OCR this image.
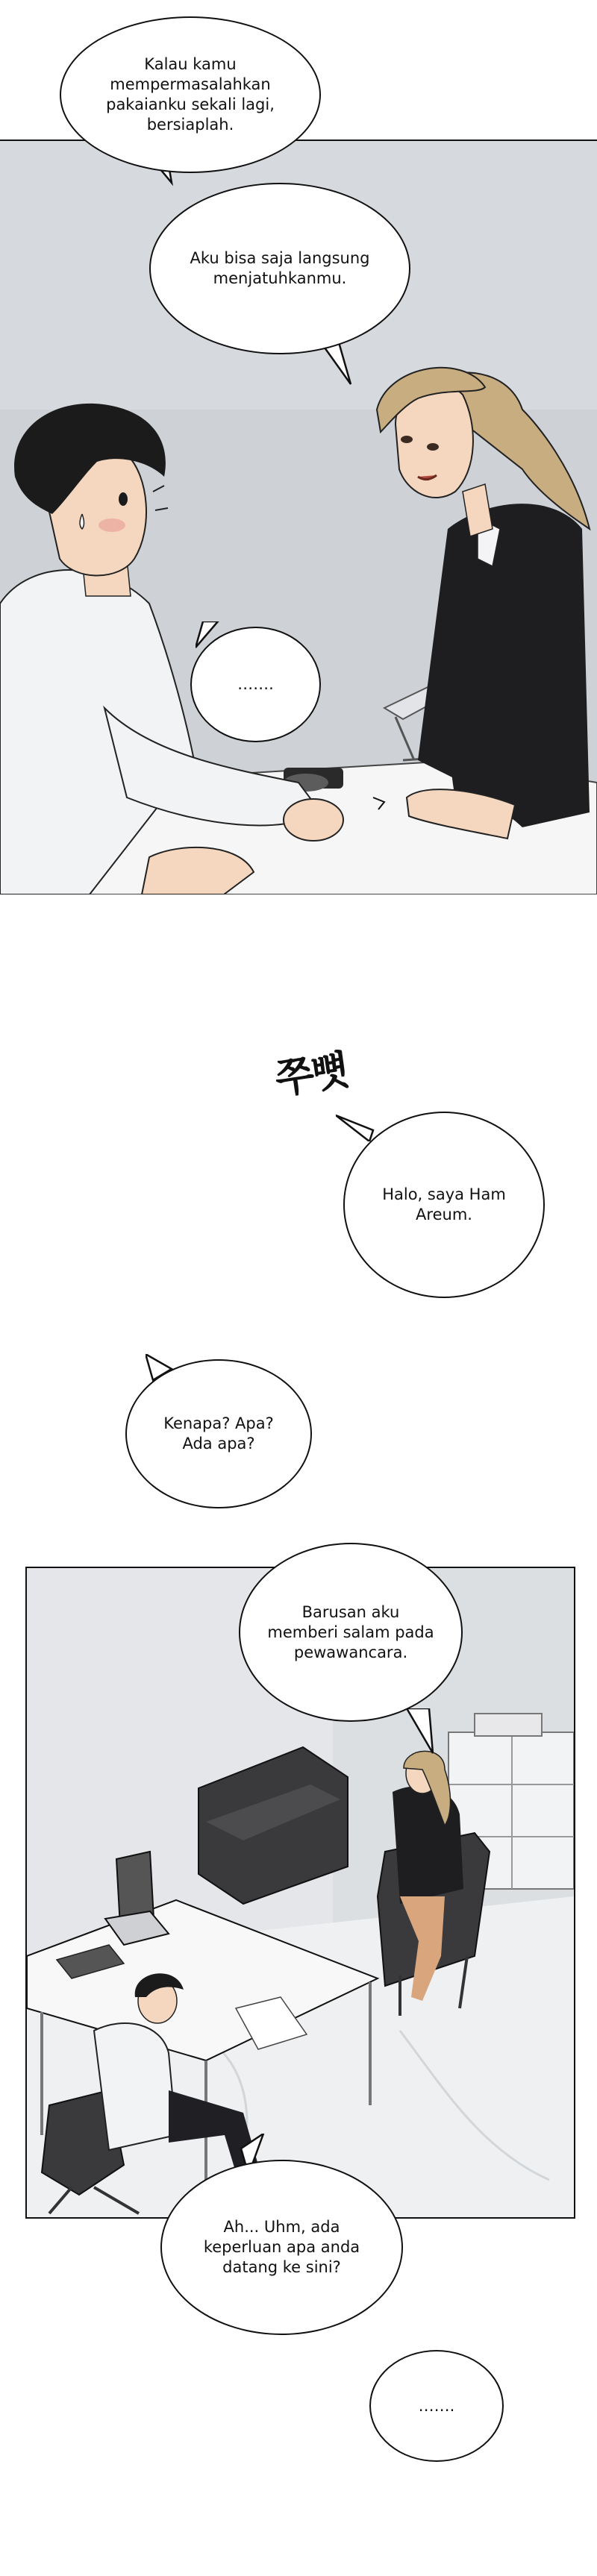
Kalau kamu
mempermasalahkan
pakaianku sekali lagi,
bersiaplah.
Aku bisa saja langsung
menjatuhkanmu.
…….
쭈뼛
Halo, saya Ham
Areum.
Kenapa? Apa?
Ada apa?
Barusan aku
memberi salam pada
pewawancara.
Ah... Uhm, ada
keperluan apa anda
datang ke sini?
…….
